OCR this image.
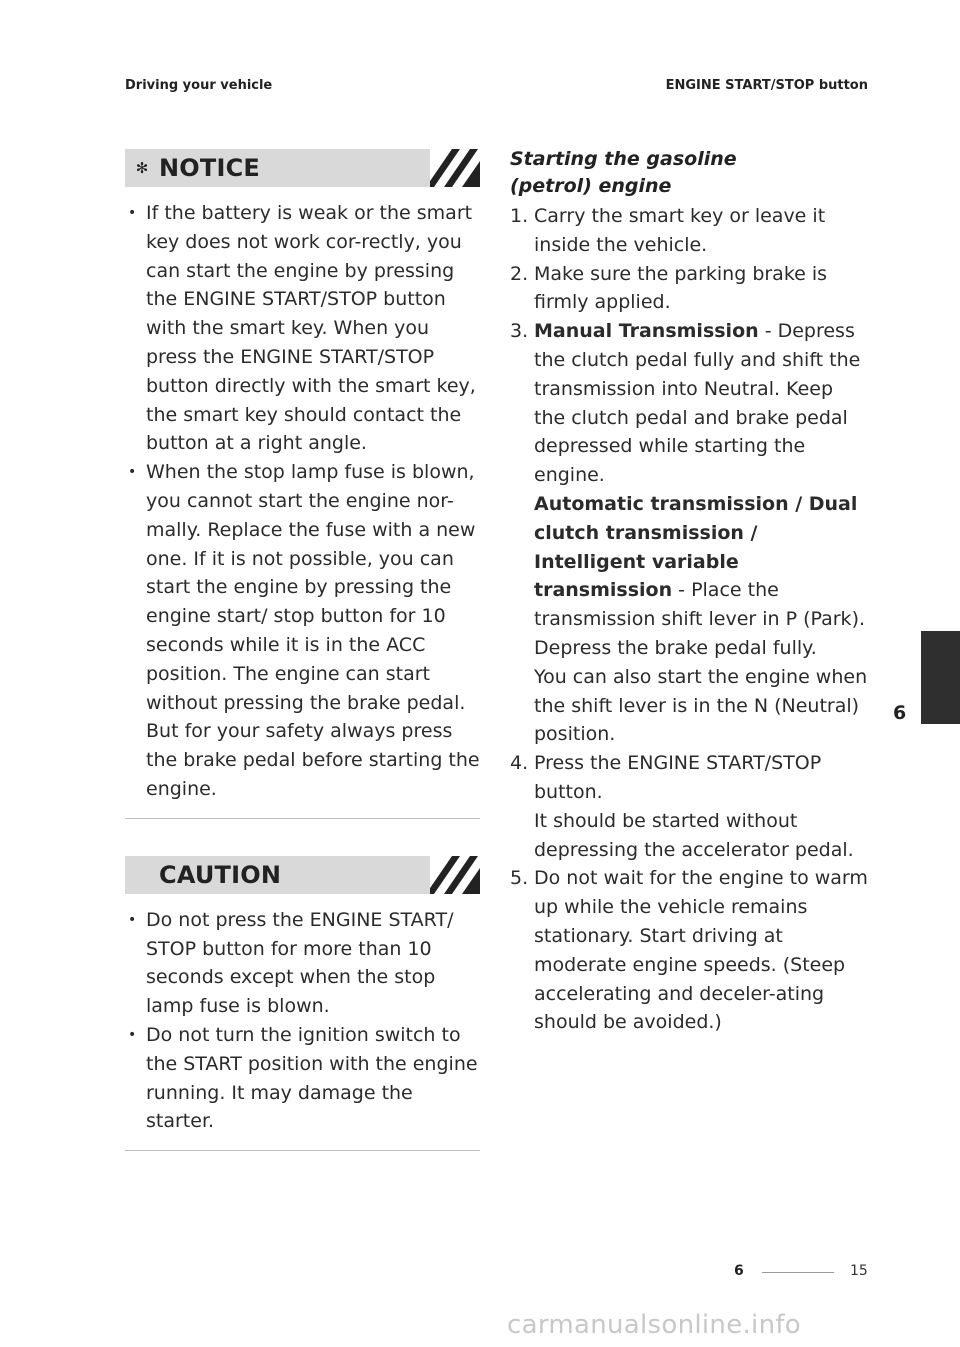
Driving your vehicle	ENGINE START/STOP button
✻ NOTICE
• If the battery is weak or the smart key does not work cor-rectly, you can start the engine by pressing the ENGINE START/STOP button with the smart key. When you press the ENGINE START/STOP button directly with the smart key, the smart key should contact the button at a right angle.
• When the stop lamp fuse is blown, you cannot start the engine nor-mally. Replace the fuse with a new one. If it is not possible, you can start the engine by pressing the engine start/ stop button for 10 seconds while it is in the ACC position. The engine can start without pressing the brake pedal. But for your safety always press the brake pedal before starting the engine.
CAUTION
• Do not press the ENGINE START/ STOP button for more than 10 seconds except when the stop lamp fuse is blown.
• Do not turn the ignition switch to the START position with the engine running. It may damage the starter.
Starting the gasoline (petrol) engine
1. Carry the smart key or leave it inside the vehicle.
2. Make sure the parking brake is firmly applied.
3. Manual Transmission - Depress the clutch pedal fully and shift the transmission into Neutral. Keep the clutch pedal and brake pedal depressed while starting the engine.
Automatic transmission / Dual clutch transmission / Intelligent variable transmission - Place the transmission shift lever in P (Park). Depress the brake pedal fully.
You can also start the engine when the shift lever is in the N (Neutral) position.
4. Press the ENGINE START/STOP button.
It should be started without depressing the accelerator pedal.
5. Do not wait for the engine to warm up while the vehicle remains stationary. Start driving at moderate engine speeds. (Steep accelerating and deceler-ating should be avoided.)
6
6	15
carmanualsonline.info
